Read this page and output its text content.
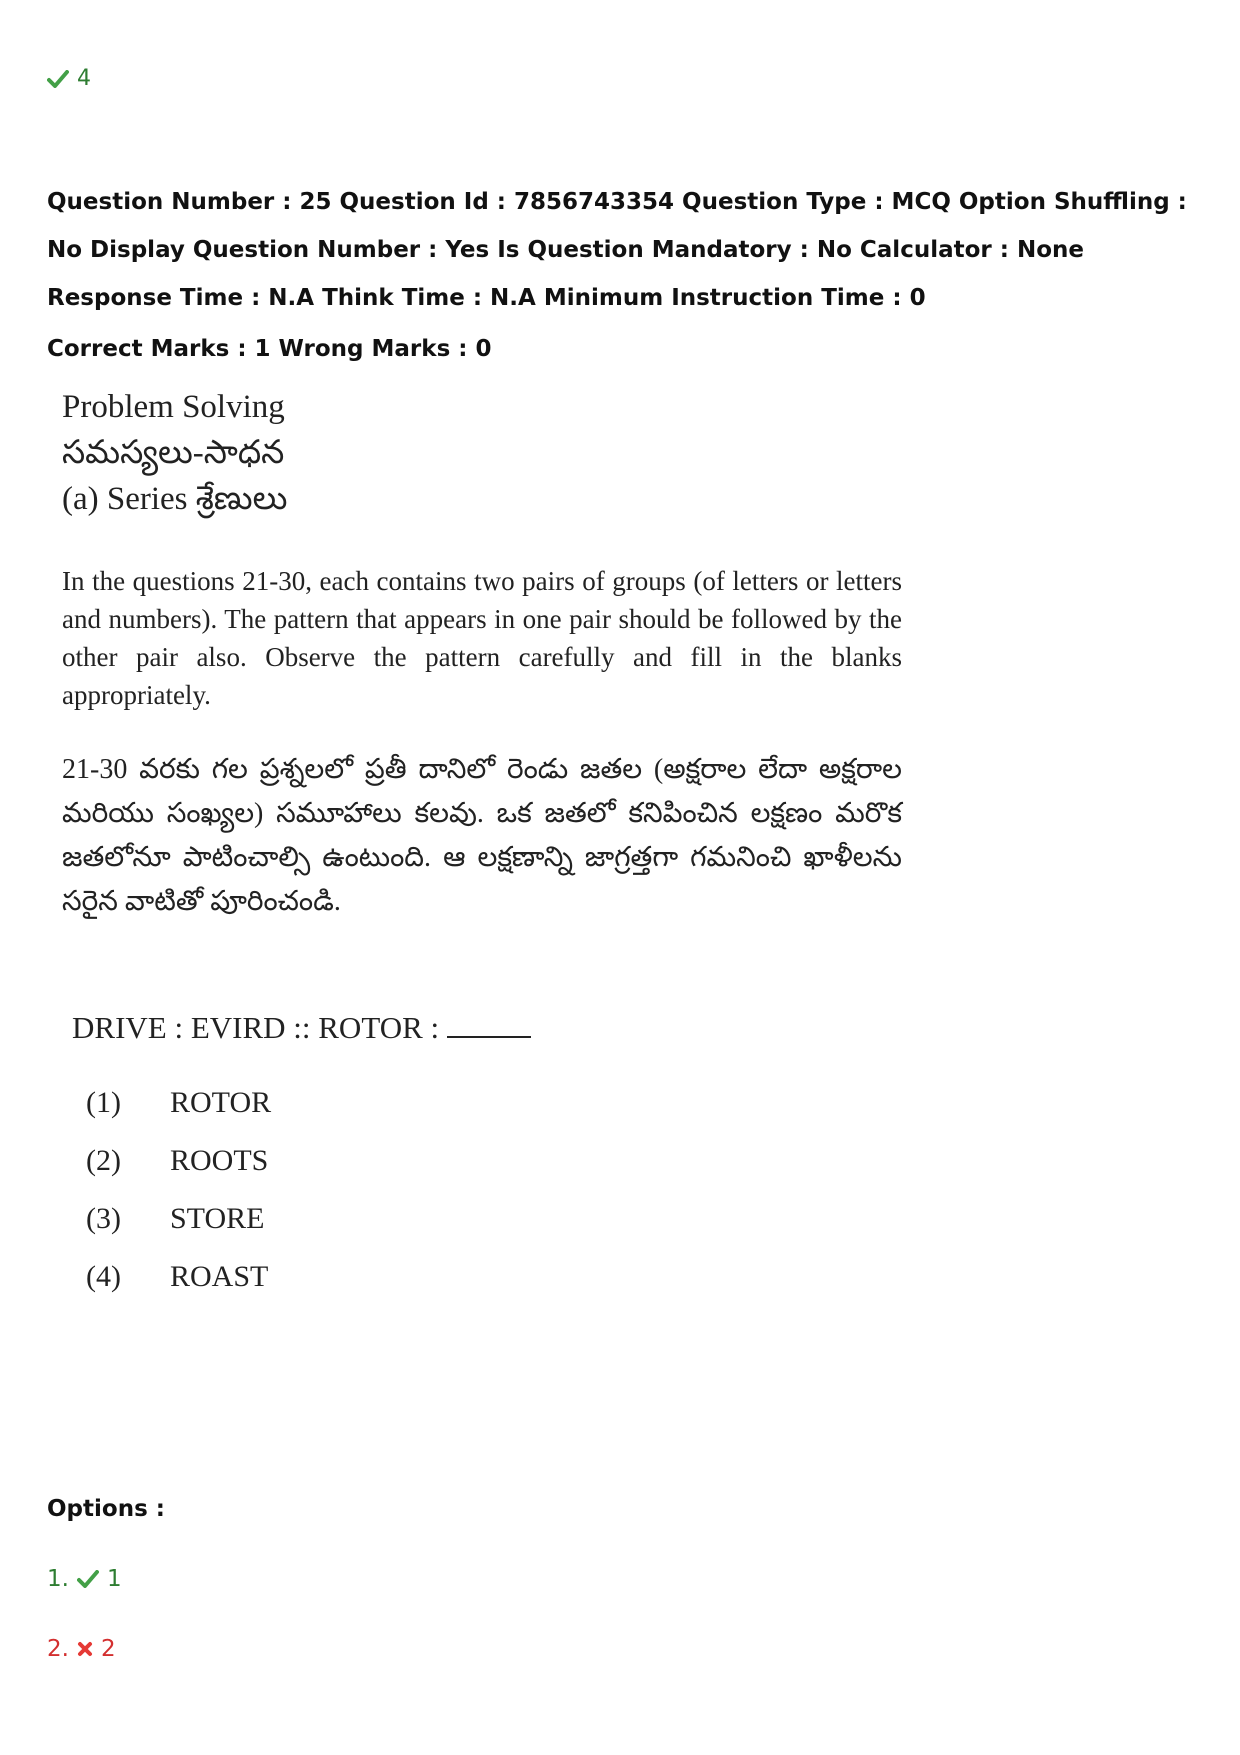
4
Question Number : 25 Question Id : 7856743354 Question Type : MCQ Option Shuffling : No Display Question Number : Yes Is Question Mandatory : No Calculator : None Response Time : N.A Think Time : N.A Minimum Instruction Time : 0
Correct Marks : 1 Wrong Marks : 0
Problem Solving
సమస్యలు-సాధన
(a) Series శ్రేణులు
In the questions 21-30, each contains two pairs of groups (of letters or letters and numbers). The pattern that appears in one pair should be followed by the other pair also. Observe the pattern carefully and fill in the blanks appropriately.
21-30 వరకు గల ప్రశ్నలలో ప్రతీ దానిలో రెండు జతల (అక్షరాల లేదా అక్షరాల మరియు సంఖ్యల) సమూహాలు కలవు. ఒక జతలో కనిపించిన లక్షణం మరొక జతలోనూ పాటించాల్సి ఉంటుంది. ఆ లక్షణాన్ని జాగ్రత్తగా గమనించి ఖాళీలను సరైన వాటితో పూరించండి.
DRIVE : EVIRD :: ROTOR :
(1)	ROTOR
(2)	ROOTS
(3)	STORE
(4)	ROAST
Options :
1. 1
2. 2
